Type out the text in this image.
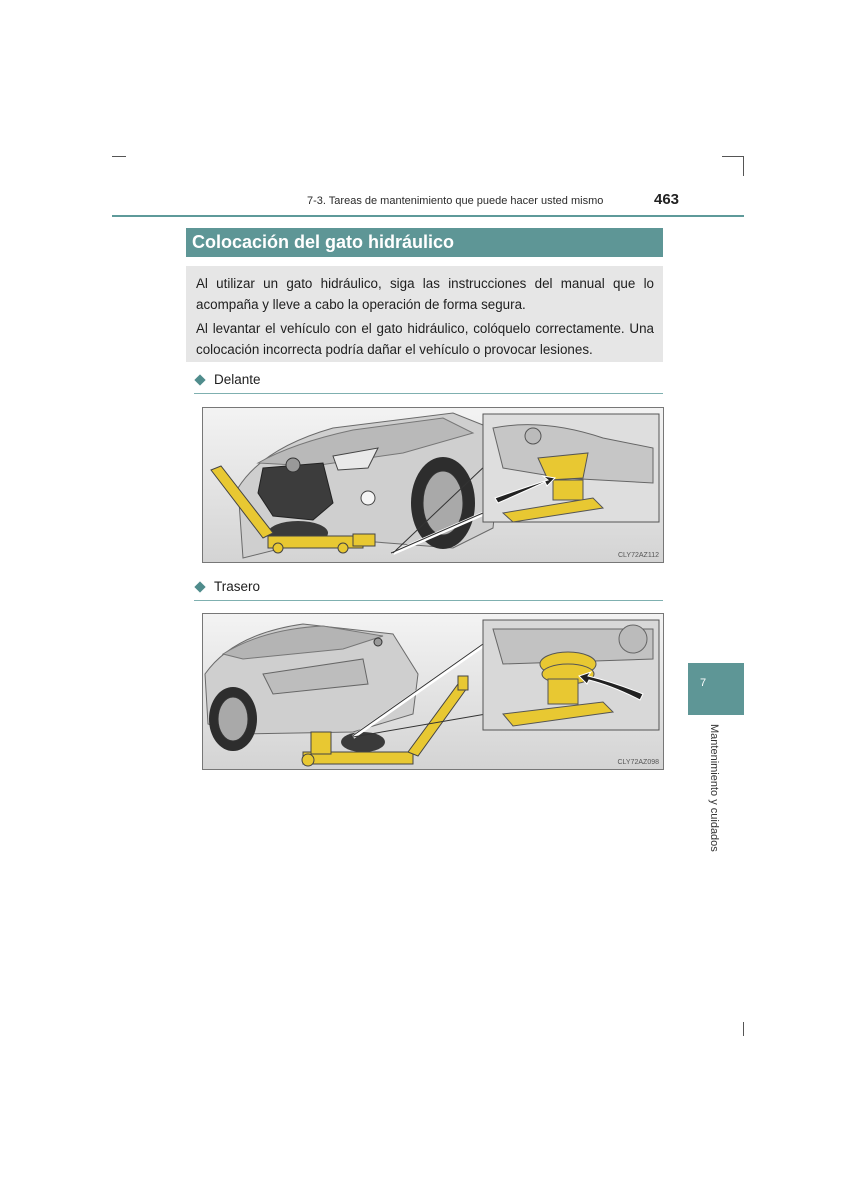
7-3. Tareas de mantenimiento que puede hacer usted mismo	463
Colocación del gato hidráulico

Al utilizar un gato hidráulico, siga las instrucciones del manual que lo acompaña y lleve a cabo la operación de forma segura.

Al levantar el vehículo con el gato hidráulico, colóquelo correctamente. Una colocación incorrecta podría dañar el vehículo o provocar lesiones.

Delante
CLY72AZ112
Trasero
CLY72AZ098
7
Mantenimiento y cuidados
